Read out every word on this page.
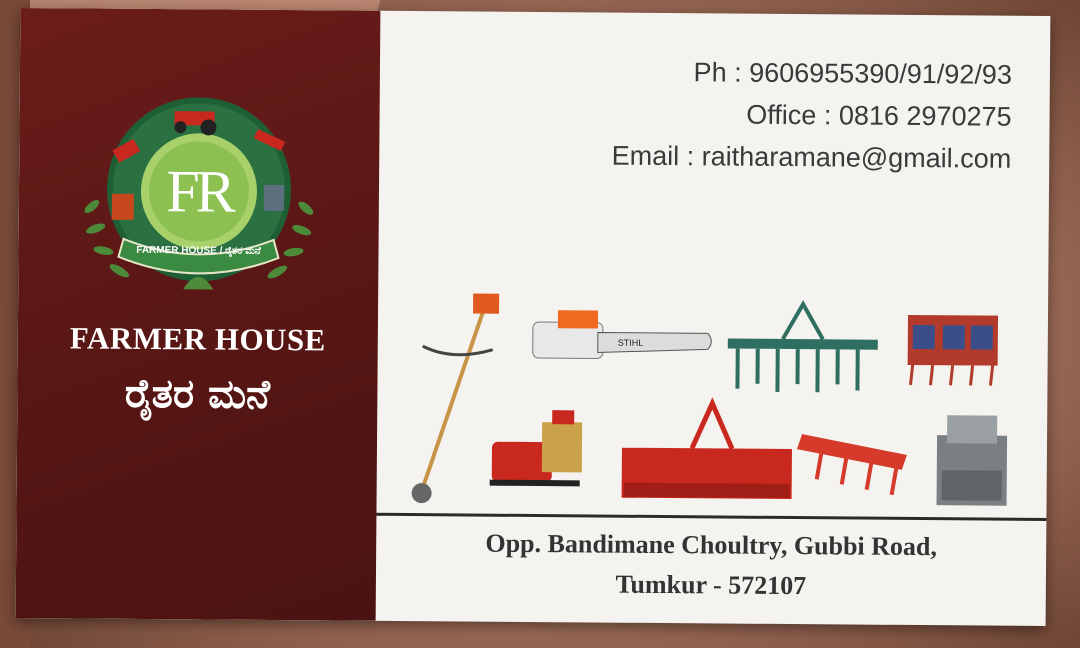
FR
FARMER HOUSE / ರೈತರ ಮನೆ
FARMER HOUSE
ರೈತರ ಮನೆ
Ph : 9606955390/91/92/93
Office : 0816 2970275
Email : raitharamane@gmail.com
STIHL
Opp. Bandimane Choultry, Gubbi Road,
Tumkur - 572107
